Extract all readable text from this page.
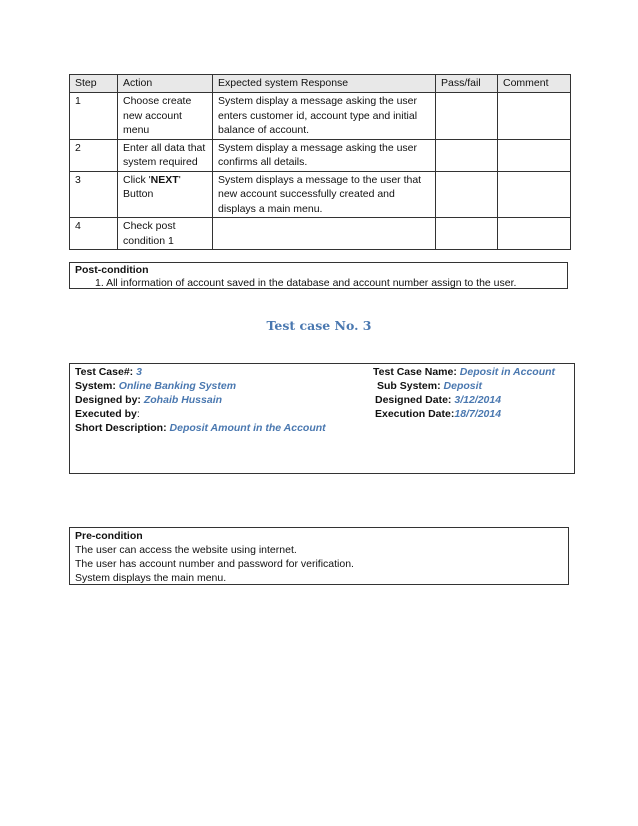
Step	Action	Expected system Response	Pass/fail	Comment
1	Choose create new account menu	System display a message asking the user enters customer id, account type and initial balance of account.		
2	Enter all data that system required	System display a message asking the user confirms all details.		
3	Click 'NEXT' Button	System displays a message to the user that new account successfully created and displays a main menu.		
4	Check post condition 1			
Post-condition
1. All information of account saved in the database and account number assign to the user.
Test case No. 3
Test Case#: 3
System: Online Banking System
Designed by: Zohaib Hussain
Executed by:
Short Description: Deposit Amount in the Account
Test Case Name: Deposit in Account
Sub System: Deposit
Designed Date: 3/12/2014
Execution Date:18/7/2014
Pre-condition
The user can access the website using internet.
The user has account number and password for verification.
System displays the main menu.
